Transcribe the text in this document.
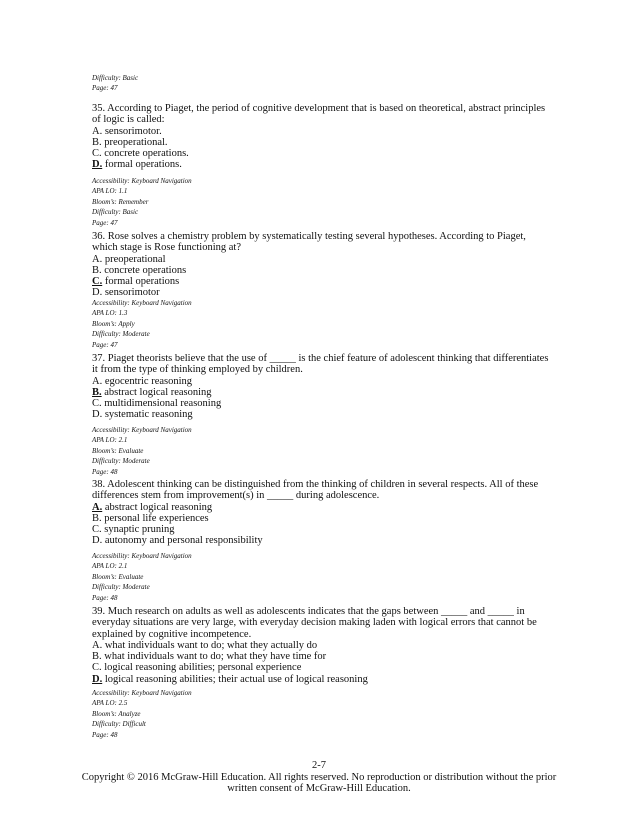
Difficulty: Basic
Page: 47
35. According to Piaget, the period of cognitive development that is based on theoretical, abstract principles of logic is called:
A. sensorimotor.
B. preoperational.
C. concrete operations.
D. formal operations.
Accessibility: Keyboard Navigation
APA LO: 1.1
Bloom’s: Remember
Difficulty: Basic
Page: 47
36. Rose solves a chemistry problem by systematically testing several hypotheses. According to Piaget, which stage is Rose functioning at?
A. preoperational
B. concrete operations
C. formal operations
D. sensorimotor
Accessibility: Keyboard Navigation
APA LO: 1.3
Bloom’s: Apply
Difficulty: Moderate
Page: 47
37. Piaget theorists believe that the use of _____ is the chief feature of adolescent thinking that differentiates it from the type of thinking employed by children.
A. egocentric reasoning
B. abstract logical reasoning
C. multidimensional reasoning
D. systematic reasoning
Accessibility: Keyboard Navigation
APA LO: 2.1
Bloom’s: Evaluate
Difficulty: Moderate
Page: 48
38. Adolescent thinking can be distinguished from the thinking of children in several respects. All of these differences stem from improvement(s) in _____ during adolescence.
A. abstract logical reasoning
B. personal life experiences
C. synaptic pruning
D. autonomy and personal responsibility
Accessibility: Keyboard Navigation
APA LO: 2.1
Bloom’s: Evaluate
Difficulty: Moderate
Page: 48
39. Much research on adults as well as adolescents indicates that the gaps between _____ and _____ in everyday situations are very large, with everyday decision making laden with logical errors that cannot be explained by cognitive incompetence.
A. what individuals want to do; what they actually do
B. what individuals want to do; what they have time for
C. logical reasoning abilities; personal experience
D. logical reasoning abilities; their actual use of logical reasoning
Accessibility: Keyboard Navigation
APA LO: 2.5
Bloom’s: Analyze
Difficulty: Difficult
Page: 48
2-7
Copyright © 2016 McGraw-Hill Education. All rights reserved. No reproduction or distribution without the prior
written consent of McGraw-Hill Education.
